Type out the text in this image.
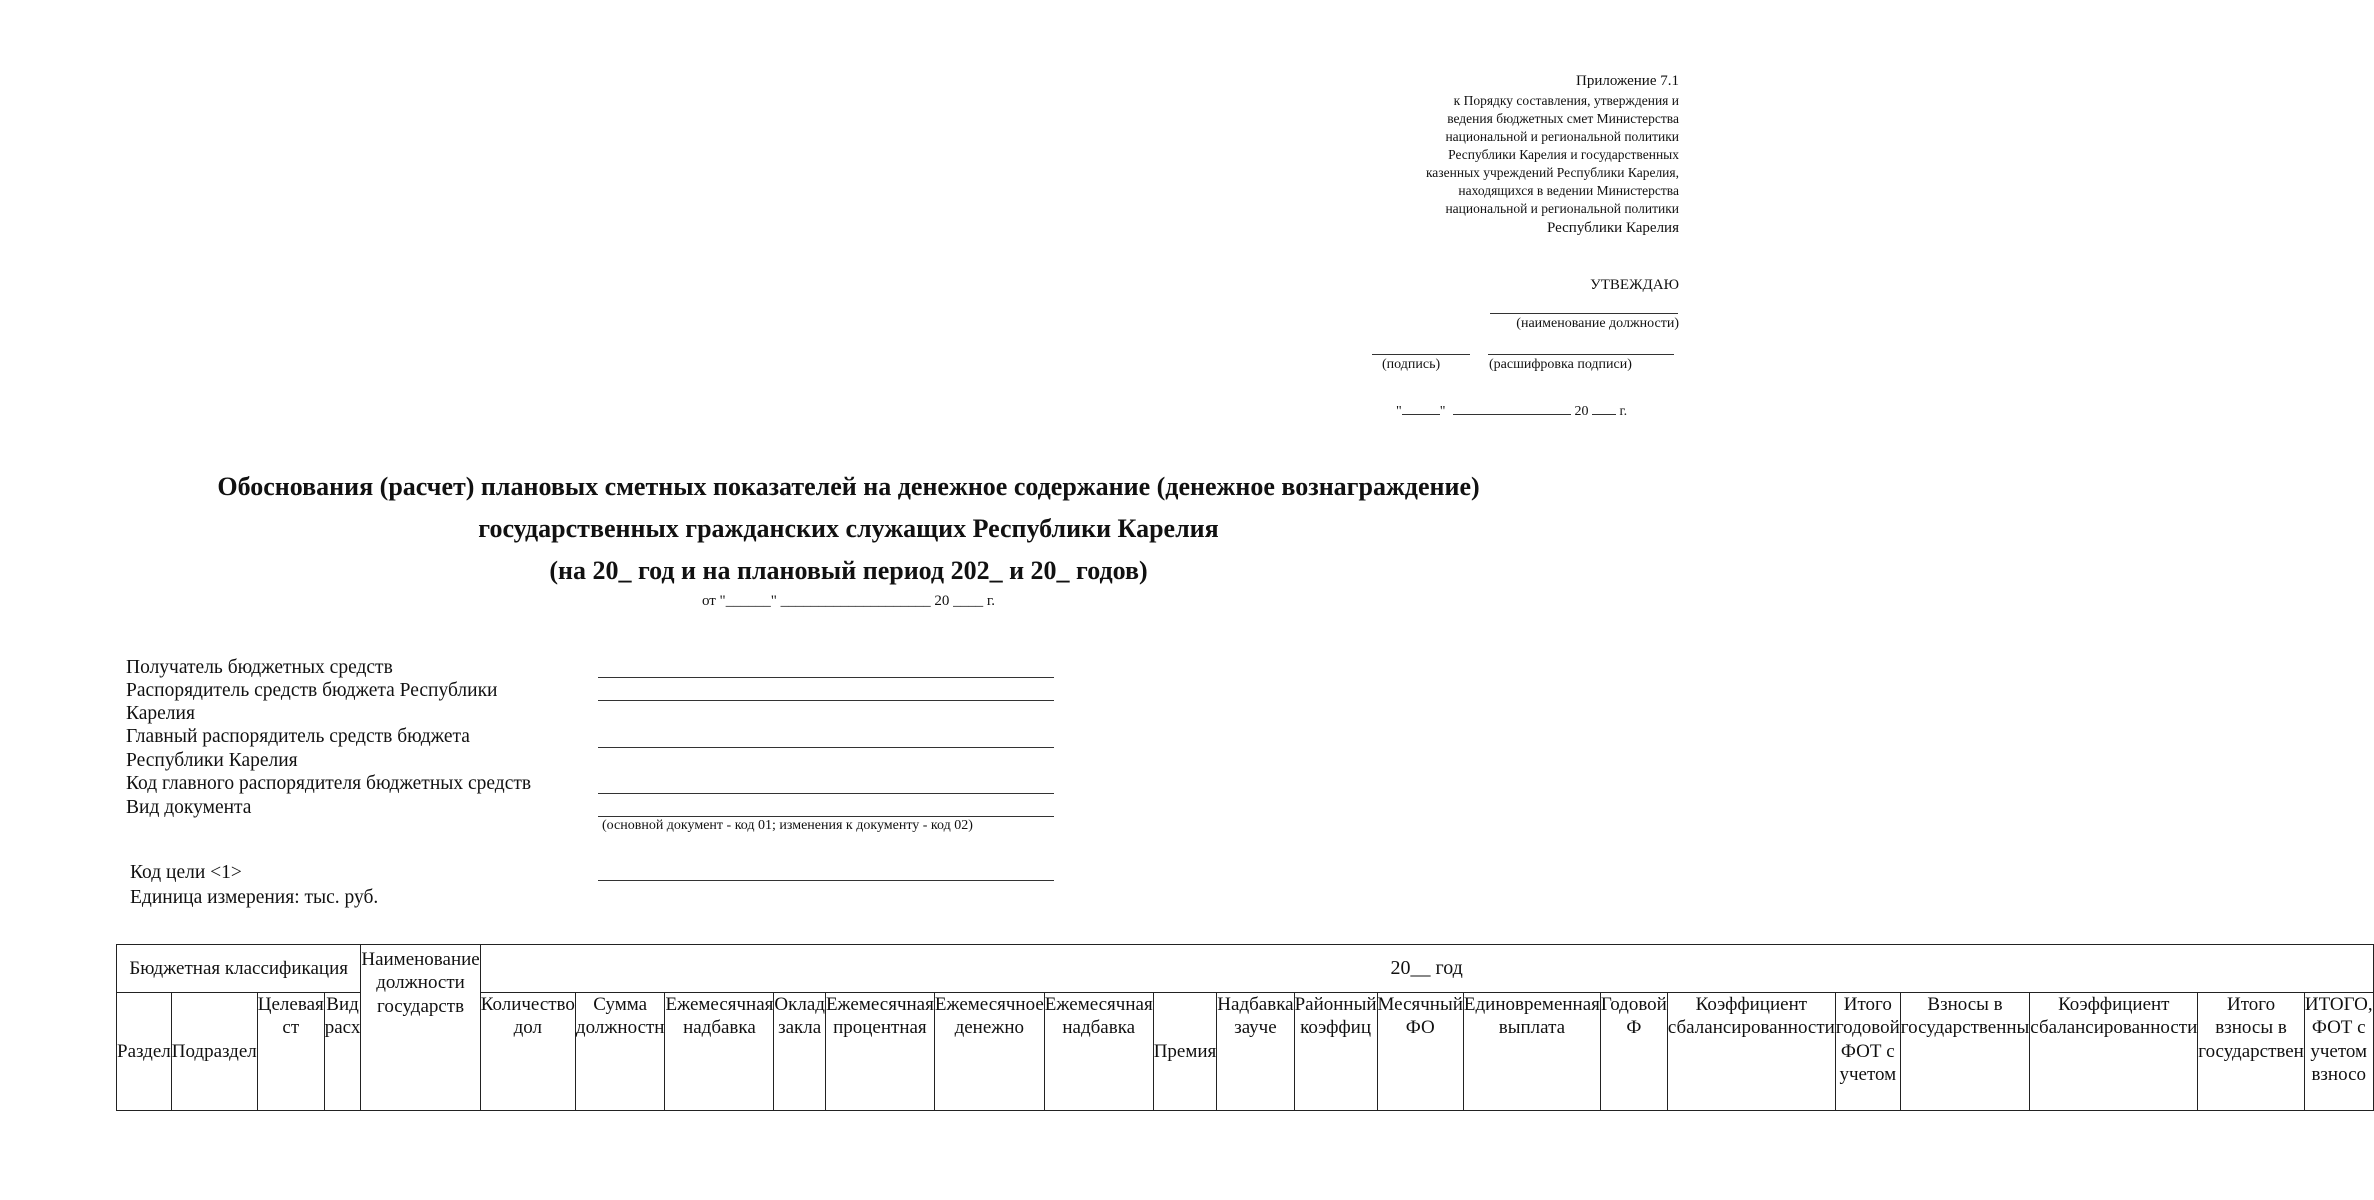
Приложение 7.1
к Порядку составления, утверждения и
ведения бюджетных смет Министерства
национальной и региональной политики
Республики Карелия и государственных
казенных учреждений Республики Карелия,
находящихся в ведении Министерства
национальной и региональной политики
Республики Карелия
УТВЕЖДАЮ
(наименование должности)
(подпись)	(расшифровка подписи)
"	"	20 г.
Обоснования (расчет) плановых сметных показателей на денежное содержание (денежное вознаграждение)
государственных гражданских служащих Республики Карелия
(на 20_ год и на плановый период 202_ и 20_ годов)
от "______" ____________________ 20 ____ г.
Получатель бюджетных средств
Распорядитель средств бюджета Республики
Карелия
Главный распорядитель средств бюджета
Республики Карелия
Код главного распорядителя бюджетных средств
Вид документа
(основной документ - код 01; изменения к документу - код 02)
Код цели <1>
Единица измерения: тыс. руб.
Бюджетная классификация				Наименование должности государств	20__ год																		
Раздел	Подраздел	Целевая ст	Вид расх		Количество дол	Сумма должностн	Ежемесячная надбавка	Оклад закла	Ежемесячная процентная	Ежемесячное денежно	Ежемесячная надбавка	Премия	Надбавка зауче	Районный коэффиц	Месячный ФО	Единовременная выплата	Годовой Ф	Коэффициент сбалансированности	Итого годовой ФОТ с учетом	Взносы в государственны	Коэффициент сбалансированности	Итого взносы в государствен	ИТОГО, ФОТ с учетом взносо
